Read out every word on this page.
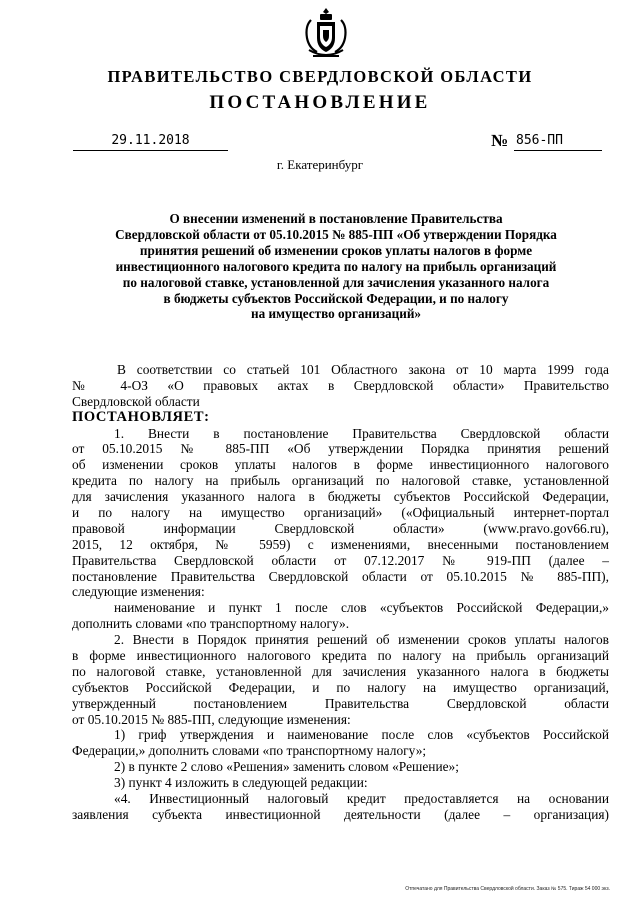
ПРАВИТЕЛЬСТВО СВЕРДЛОВСКОЙ ОБЛАСТИ
ПОСТАНОВЛЕНИЕ
29.11.2018	№ 856-ПП
г. Екатеринбург
О внесении изменений в постановление Правительства
Свердловской области от 05.10.2015 № 885-ПП «Об утверждении Порядка
принятия решений об изменении сроков уплаты налогов в форме
инвестиционного налогового кредита по налогу на прибыль организаций
по налоговой ставке, установленной для зачисления указанного налога
в бюджеты субъектов Российской Федерации, и по налогу
на имущество организаций»
В соответствии со статьей 101 Областного закона от 10 марта 1999 года
№ 4-ОЗ «О правовых актах в Свердловской области» Правительство
Свердловской области
ПОСТАНОВЛЯЕТ:
1. Внести в постановление Правительства Свердловской области
от 05.10.2015 № 885-ПП «Об утверждении Порядка принятия решений
об изменении сроков уплаты налогов в форме инвестиционного налогового
кредита по налогу на прибыль организаций по налоговой ставке, установленной
для зачисления указанного налога в бюджеты субъектов Российской Федерации,
и по налогу на имущество организаций» («Официальный интернет-портал
правовой информации Свердловской области» (www.pravo.gov66.ru),
2015, 12 октября, № 5959) с изменениями, внесенными постановлением
Правительства Свердловской области от 07.12.2017 № 919-ПП (далее –
постановление Правительства Свердловской области от 05.10.2015 № 885-ПП),
следующие изменения:
наименование и пункт 1 после слов «субъектов Российской Федерации,»
дополнить словами «по транспортному налогу».
2. Внести в Порядок принятия решений об изменении сроков уплаты налогов
в форме инвестиционного налогового кредита по налогу на прибыль организаций
по налоговой ставке, установленной для зачисления указанного налога в бюджеты
субъектов Российской Федерации, и по налогу на имущество организаций,
утвержденный постановлением Правительства Свердловской области
от 05.10.2015 № 885-ПП, следующие изменения:
1) гриф утверждения и наименование после слов «субъектов Российской
Федерации,» дополнить словами «по транспортному налогу»;
2) в пункте 2 слово «Решения» заменить словом «Решение»;
3) пункт 4 изложить в следующей редакции:
«4. Инвестиционный налоговый кредит предоставляется на основании
заявления субъекта инвестиционной деятельности (далее – организация)
Отпечатано для Правительства Свердловской области. Заказ № 575. Тираж 54 000 экз.
